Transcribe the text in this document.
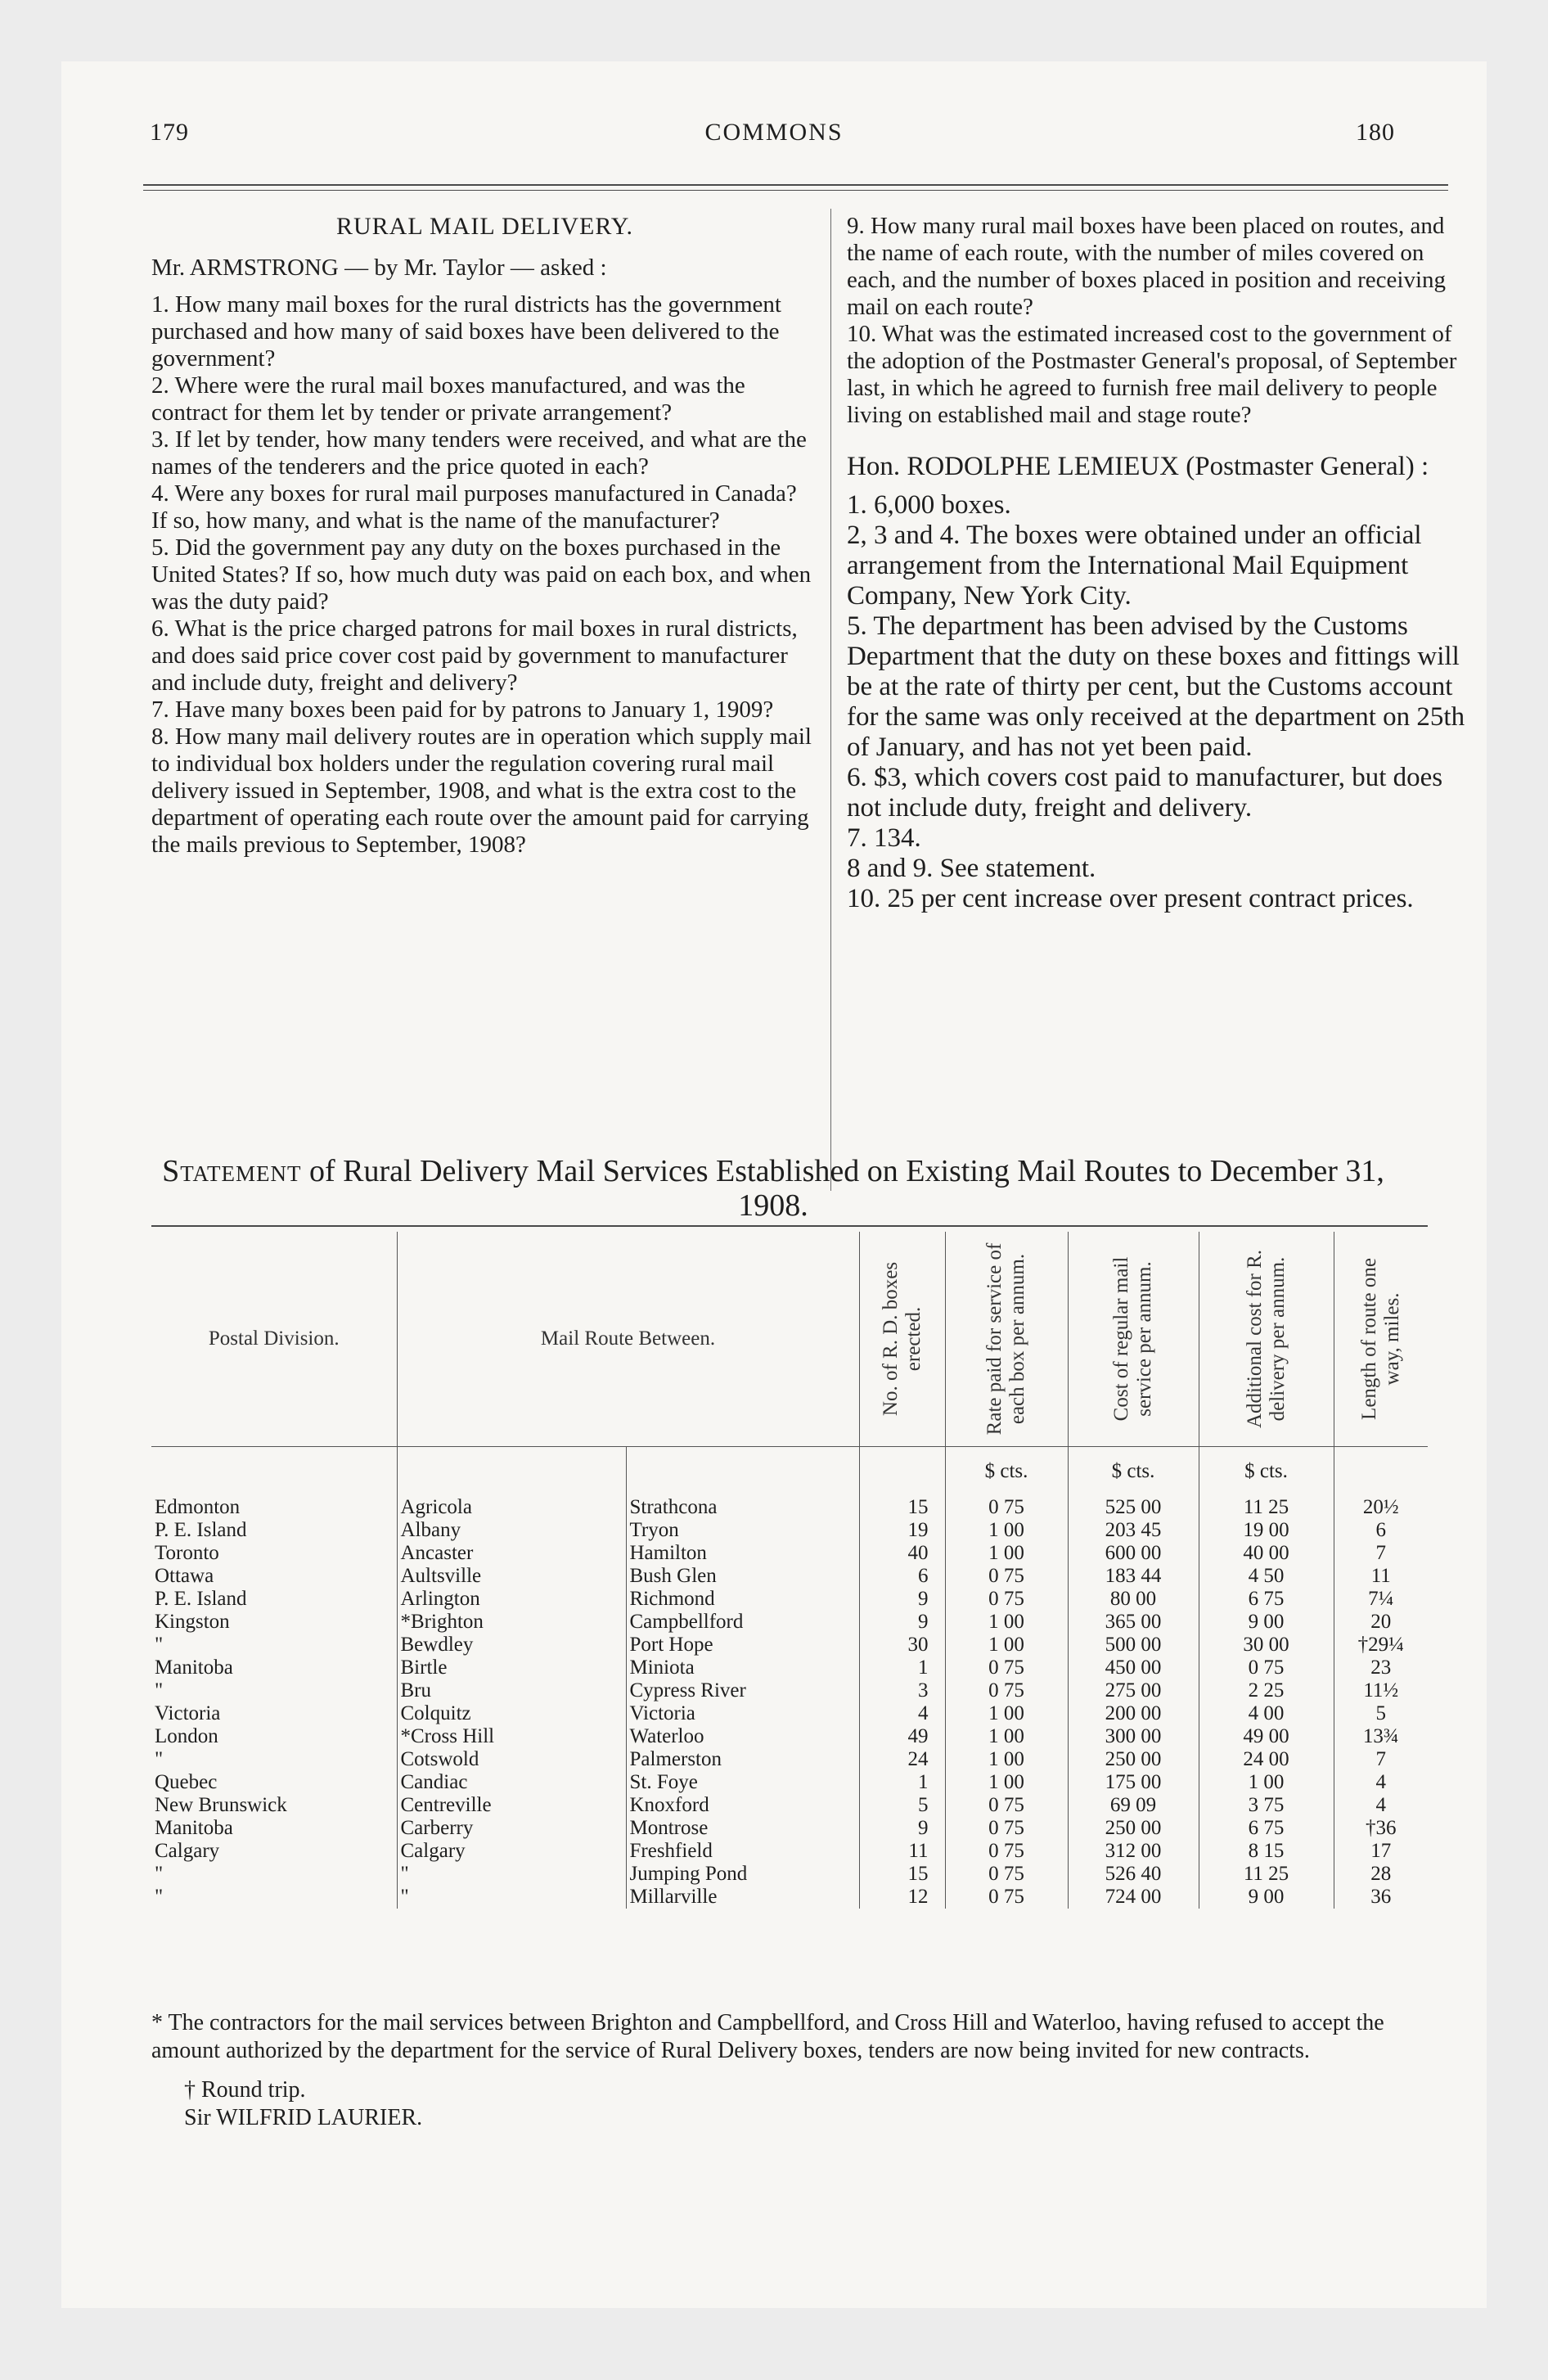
179	COMMONS	180

RURAL MAIL DELIVERY.

Mr. ARMSTRONG — by Mr. Taylor — asked :

1. How many mail boxes for the rural districts has the government purchased and how many of said boxes have been delivered to the government?

2. Where were the rural mail boxes manufactured, and was the contract for them let by tender or private arrangement?

3. If let by tender, how many tenders were received, and what are the names of the tenderers and the price quoted in each?

4. Were any boxes for rural mail purposes manufactured in Canada? If so, how many, and what is the name of the manufacturer?

5. Did the government pay any duty on the boxes purchased in the United States? If so, how much duty was paid on each box, and when was the duty paid?

6. What is the price charged patrons for mail boxes in rural districts, and does said price cover cost paid by government to manufacturer and include duty, freight and delivery?

7. Have many boxes been paid for by patrons to January 1, 1909?

8. How many mail delivery routes are in operation which supply mail to individual box holders under the regulation covering rural mail delivery issued in September, 1908, and what is the extra cost to the department of operating each route over the amount paid for carrying the mails previous to September, 1908?

9. How many rural mail boxes have been placed on routes, and the name of each route, with the number of miles covered on each, and the number of boxes placed in position and receiving mail on each route?

10. What was the estimated increased cost to the government of the adoption of the Postmaster General's proposal, of September last, in which he agreed to furnish free mail delivery to people living on established mail and stage route?

Hon. RODOLPHE LEMIEUX (Postmaster General) :

1. 6,000 boxes.

2, 3 and 4. The boxes were obtained under an official arrangement from the International Mail Equipment Company, New York City.

5. The department has been advised by the Customs Department that the duty on these boxes and fittings will be at the rate of thirty per cent, but the Customs account for the same was only received at the department on 25th of January, and has not yet been paid.

6. $3, which covers cost paid to manufacturer, but does not include duty, freight and delivery.

7. 134.

8 and 9. See statement.

10. 25 per cent increase over present contract prices.

Statement of Rural Delivery Mail Services Established on Existing Mail Routes to December 31, 1908.
Postal Division.	Mail Route Between.		No. of R. D. boxes erected.	Rate paid for service of each box per annum.	Cost of regular mail service per annum.	Additional cost for R. delivery per annum.	Length of route one way, miles.

				$ cts.	$ cts.	$ cts.	
Edmonton	Agricola	Strathcona	15	0 75	525 00	11 25	20½
P. E. Island	Albany	Tryon	19	1 00	203 45	19 00	6
Toronto	Ancaster	Hamilton	40	1 00	600 00	40 00	7
Ottawa	Aultsville	Bush Glen	6	0 75	183 44	4 50	11
P. E. Island	Arlington	Richmond	9	0 75	80 00	6 75	7¼
Kingston	*Brighton	Campbellford	9	1 00	365 00	9 00	20
"	Bewdley	Port Hope	30	1 00	500 00	30 00	†29¼
Manitoba	Birtle	Miniota	1	0 75	450 00	0 75	23
"	Bru	Cypress River	3	0 75	275 00	2 25	11½
Victoria	Colquitz	Victoria	4	1 00	200 00	4 00	5
London	*Cross Hill	Waterloo	49	1 00	300 00	49 00	13¾
"	Cotswold	Palmerston	24	1 00	250 00	24 00	7
Quebec	Candiac	St. Foye	1	1 00	175 00	1 00	4
New Brunswick	Centreville	Knoxford	5	0 75	69 09	3 75	4
Manitoba	Carberry	Montrose	9	0 75	250 00	6 75	†36
Calgary	Calgary	Freshfield	11	0 75	312 00	8 15	17
"	"	Jumping Pond	15	0 75	526 40	11 25	28
"	"	Millarville	12	0 75	724 00	9 00	36

* The contractors for the mail services between Brighton and Campbellford, and Cross Hill and Waterloo, having refused to accept the amount authorized by the department for the service of Rural Delivery boxes, tenders are now being invited for new contracts.

† Round trip.

Sir WILFRID LAURIER.
